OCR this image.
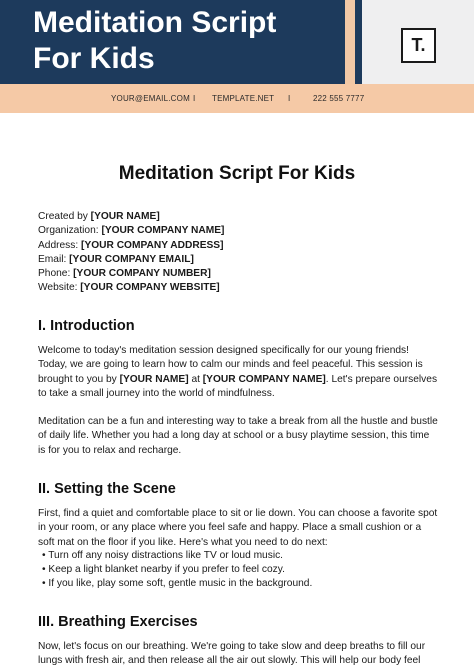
Meditation Script
For Kids	T.
YOUR@EMAIL.COM I TEMPLATE.NET I	222 555 7777
Meditation Script For Kids
Created by [YOUR NAME]
Organization: [YOUR COMPANY NAME]
Address: [YOUR COMPANY ADDRESS]
Email: [YOUR COMPANY EMAIL]
Phone: [YOUR COMPANY NUMBER]
Website: [YOUR COMPANY WEBSITE]
I. Introduction
Welcome to today's meditation session designed specifically for our young friends! Today, we are going to learn how to calm our minds and feel peaceful. This session is brought to you by [YOUR NAME] at [YOUR COMPANY NAME]. Let's prepare ourselves to take a small journey into the world of mindfulness.
Meditation can be a fun and interesting way to take a break from all the hustle and bustle of daily life. Whether you had a long day at school or a busy playtime session, this time is for you to relax and recharge.
II. Setting the Scene
First, find a quiet and comfortable place to sit or lie down. You can choose a favorite spot in your room, or any place where you feel safe and happy. Place a small cushion or a soft mat on the floor if you like. Here's what you need to do next:
• Turn off any noisy distractions like TV or loud music.
• Keep a light blanket nearby if you prefer to feel cozy.
• If you like, play some soft, gentle music in the background.
III. Breathing Exercises
Now, let's focus on our breathing. We're going to take slow and deep breaths to fill our lungs with fresh air, and then release all the air out slowly. This will help our body feel
